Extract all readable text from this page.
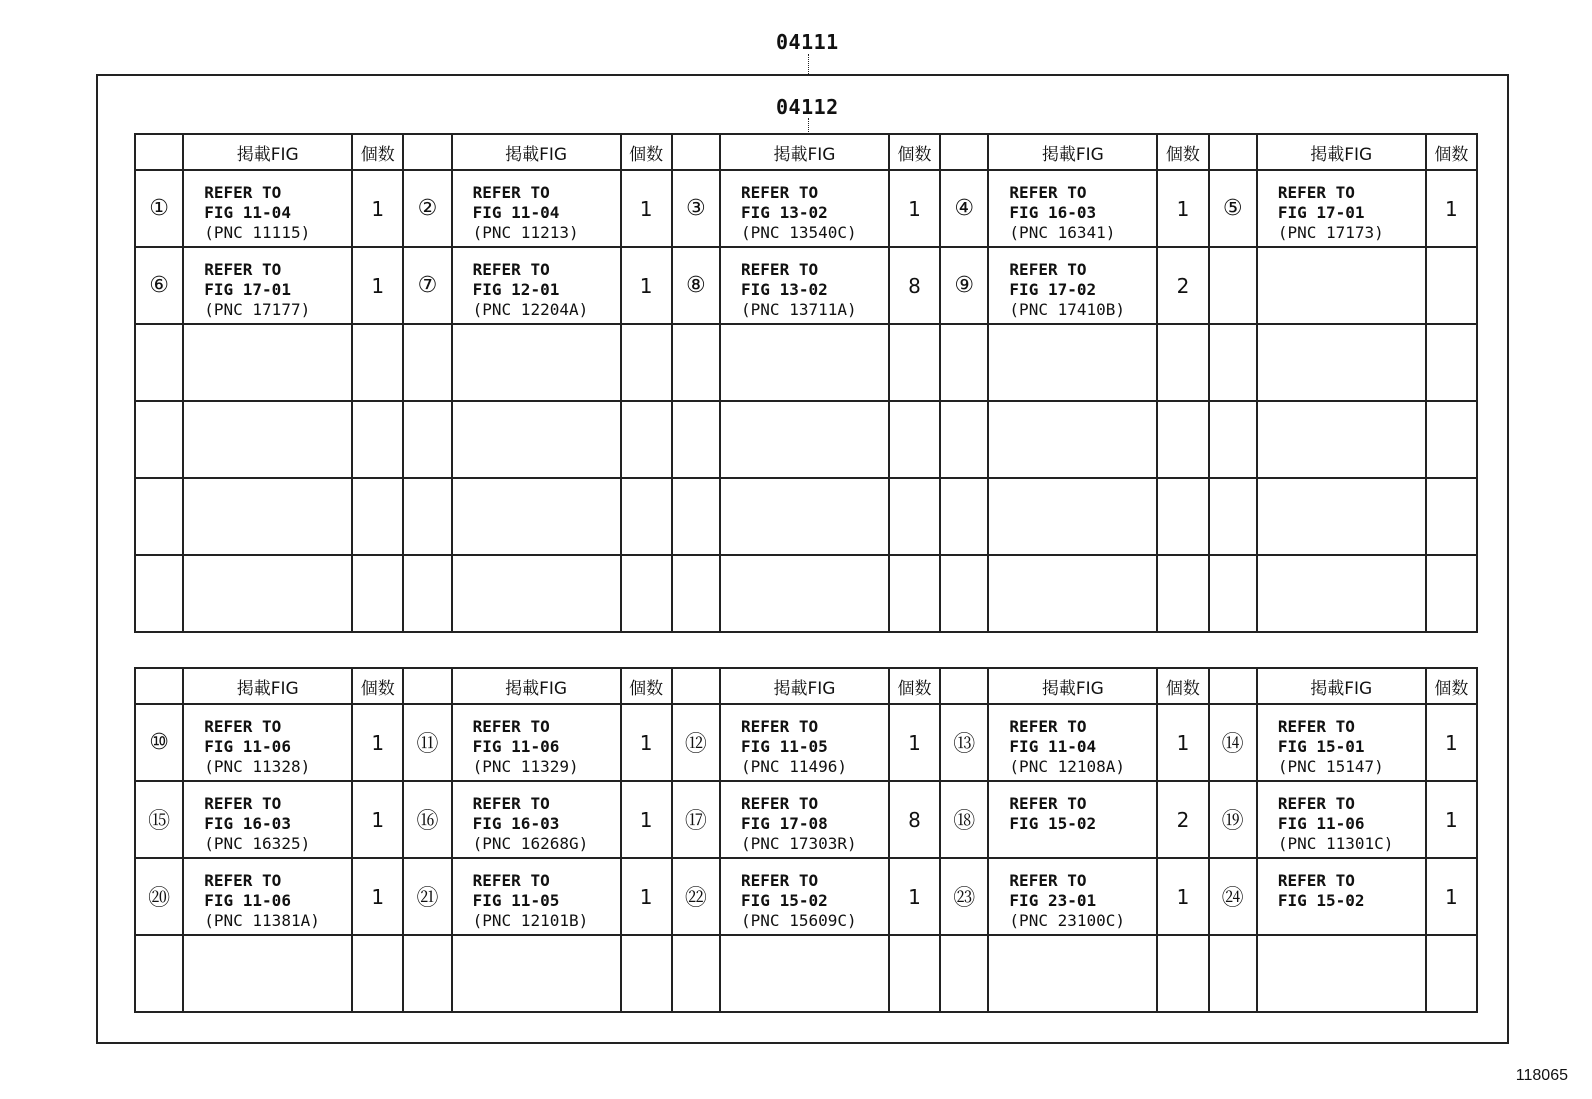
04111
04112
	掲載FIG	個数		掲載FIG	個数		掲載FIG	個数		掲載FIG	個数		掲載FIG	個数
①	REFER TO
FIG 11-04
(PNC 11115)	1	②	REFER TO
FIG 11-04
(PNC 11213)	1	③	REFER TO
FIG 13-02
(PNC 13540C)	1	④	REFER TO
FIG 16-03
(PNC 16341)	1	⑤	REFER TO
FIG 17-01
(PNC 17173)	1
⑥	REFER TO
FIG 17-01
(PNC 17177)	1	⑦	REFER TO
FIG 12-01
(PNC 12204A)	1	⑧	REFER TO
FIG 13-02
(PNC 13711A)	8	⑨	REFER TO
FIG 17-02
(PNC 17410B)	2		

	掲載FIG	個数		掲載FIG	個数		掲載FIG	個数		掲載FIG	個数		掲載FIG	個数
⑩	REFER TO
FIG 11-06
(PNC 11328)	1	⑪	REFER TO
FIG 11-06
(PNC 11329)	1	⑫	REFER TO
FIG 11-05
(PNC 11496)	1	⑬	REFER TO
FIG 11-04
(PNC 12108A)	1	⑭	REFER TO
FIG 15-01
(PNC 15147)	1
⑮	REFER TO
FIG 16-03
(PNC 16325)	1	⑯	REFER TO
FIG 16-03
(PNC 16268G)	1	⑰	REFER TO
FIG 17-08
(PNC 17303R)	8	⑱	REFER TO
FIG 15-02	2	⑲	REFER TO
FIG 11-06
(PNC 11301C)	1
⑳	REFER TO
FIG 11-06
(PNC 11381A)	1	㉑	REFER TO
FIG 11-05
(PNC 12101B)	1	㉒	REFER TO
FIG 15-02
(PNC 15609C)	1	㉓	REFER TO
FIG 23-01
(PNC 23100C)	1	㉔	REFER TO
FIG 15-02	1

118065
